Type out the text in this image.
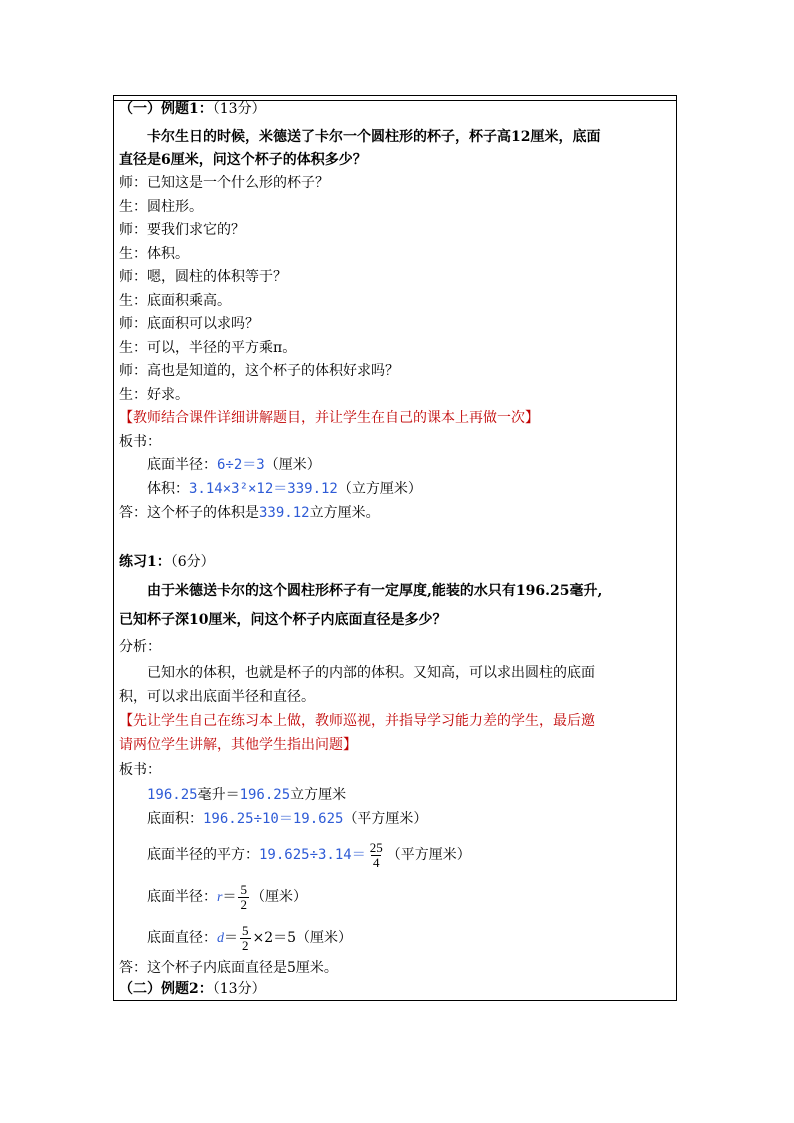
（一）例题1：（13分）
卡尔生日的时候，米德送了卡尔一个圆柱形的杯子，杯子高12厘米，底面
直径是6厘米，问这个杯子的体积多少？
师：已知这是一个什么形的杯子？
生：圆柱形。
师：要我们求它的？
生：体积。
师：嗯，圆柱的体积等于？
生：底面积乘高。
师：底面积可以求吗？
生：可以，半径的平方乘π。
师：高也是知道的，这个杯子的体积好求吗？
生：好求。
【教师结合课件详细讲解题目，并让学生在自己的课本上再做一次】
板书：
底面半径：6÷2＝3（厘米）
体积：3.14×3²×12＝339.12（立方厘米）
答：这个杯子的体积是339.12立方厘米。
练习1：（6分）
由于米德送卡尔的这个圆柱形杯子有一定厚度,能装的水只有196.25毫升,
已知杯子深10厘米，问这个杯子内底面直径是多少？
分析：
已知水的体积，也就是杯子的内部的体积。又知高，可以求出圆柱的底面
积，可以求出底面半径和直径。
【先让学生自己在练习本上做，教师巡视，并指导学习能力差的学生，最后邀
请两位学生讲解，其他学生指出问题】
板书：
196.25毫升＝196.25立方厘米
底面积：196.25÷10＝19.625（平方厘米）
底面半径的平方：$19.625\div 3.14= \frac{25}{4}$ （平方厘米）
底面半径：$r= \frac{5}{2}$ （厘米）
底面直径：$d= \frac{5}{2} \times 2=5$（厘米）
答：这个杯子内底面直径是5厘米。
（二）例题2：（13分）
